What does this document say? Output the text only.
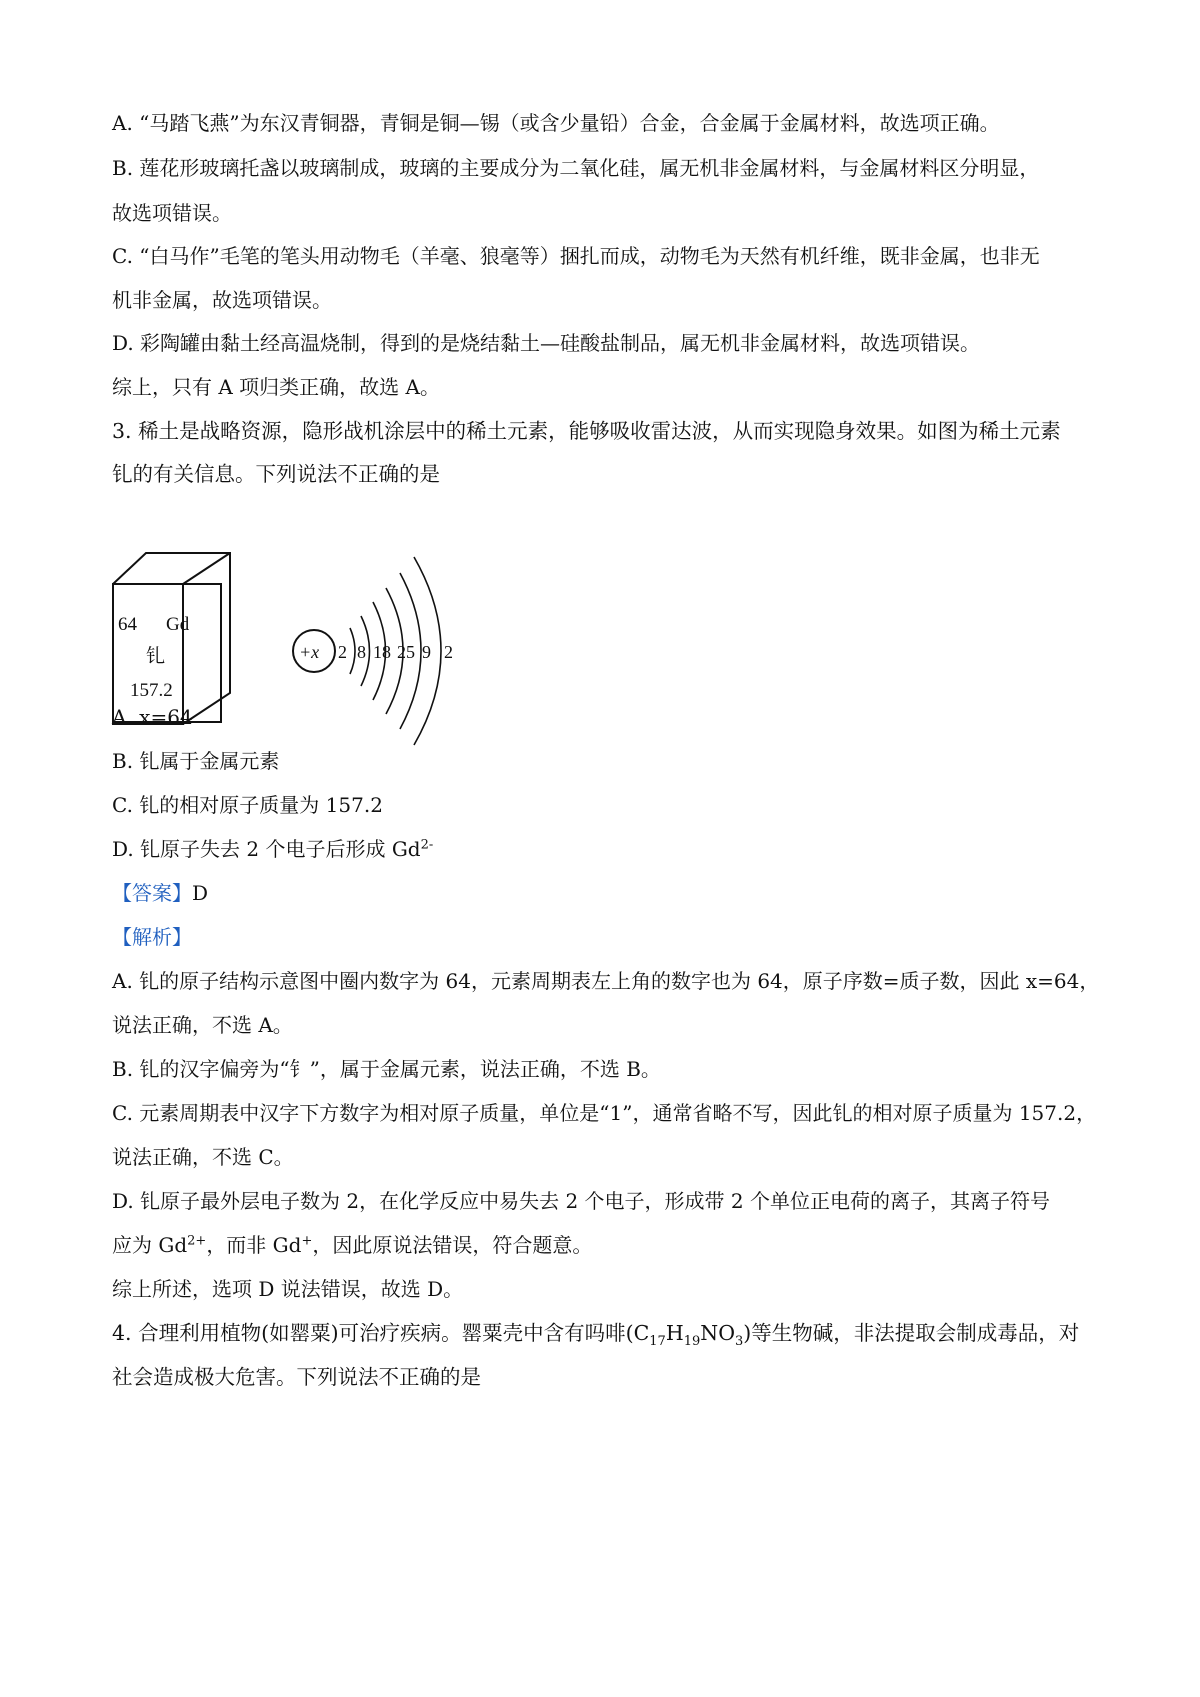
A. “马踏飞燕”为东汉青铜器，青铜是铜—锡（或含少量铅）合金，合金属于金属材料，故选项正确。
B. 莲花形玻璃托盏以玻璃制成，玻璃的主要成分为二氧化硅，属无机非金属材料，与金属材料区分明显，
故选项错误。
C. “白马作”毛笔的笔头用动物毛（羊毫、狼毫等）捆扎而成，动物毛为天然有机纤维，既非金属，也非无
机非金属，故选项错误。
D. 彩陶罐由黏土经高温烧制，得到的是烧结黏土—硅酸盐制品，属无机非金属材料，故选项错误。
综上，只有 A 项归类正确，故选 A。
3. 稀土是战略资源，隐形战机涂层中的稀土元素，能够吸收雷达波，从而实现隐身效果。如图为稀土元素
钆的有关信息。下列说法不正确的是
A. x=64
B. 钆属于金属元素
C. 钆的相对原子质量为 157.2
D. 钆原子失去 2 个电子后形成 $Gd^{2-}$
【答案】D
【解析】
A. 钆的原子结构示意图中圈内数字为 64，元素周期表左上角的数字也为 64，原子序数=质子数，因此 x=64，
说法正确，不选 A。
B. 钆的汉字偏旁为“钅”，属于金属元素，说法正确，不选 B。
C. 元素周期表中汉字下方数字为相对原子质量，单位是“1”，通常省略不写，因此钆的相对原子质量为 157.2，
说法正确，不选 C。
D. 钆原子最外层电子数为 2，在化学反应中易失去 2 个电子，形成带 2 个单位正电荷的离子，其离子符号
应为 $Gd^{2+}$，而非 Gd+，因此原说法错误，符合题意。
综上所述，选项 D 说法错误，故选 D。
4. 合理利用植物(如罂粟)可治疗疾病。罂粟壳中含有吗啡$(C_{17}H_{19}NO_3)$等生物碱，非法提取会制成毒品，对
社会造成极大危害。下列说法不正确的是
64 Gd
钆
157.2
+x 2 8 18 25 9 2
